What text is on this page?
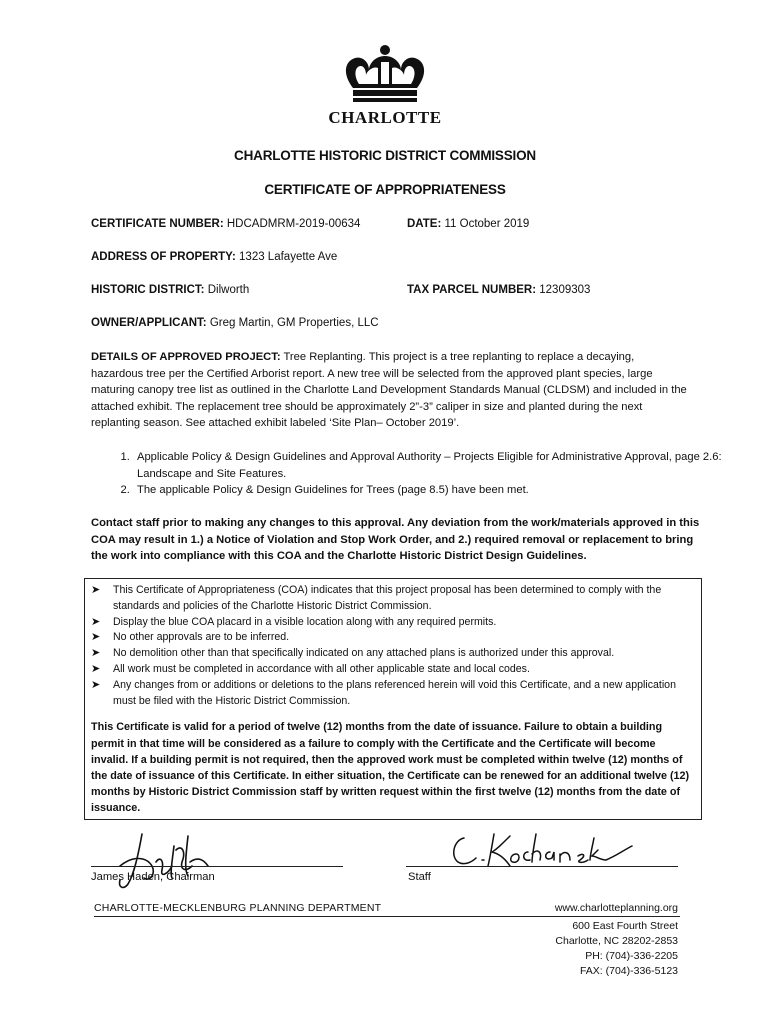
CHARLOTTE
CHARLOTTE HISTORIC DISTRICT COMMISSION
CERTIFICATE OF APPROPRIATENESS
CERTIFICATE NUMBER: HDCADMRM-2019-00634	DATE: 11 October 2019
ADDRESS OF PROPERTY: 1323 Lafayette Ave
HISTORIC DISTRICT: Dilworth	TAX PARCEL NUMBER: 12309303
OWNER/APPLICANT: Greg Martin, GM Properties, LLC
DETAILS OF APPROVED PROJECT: Tree Replanting. This project is a tree replanting to replace a decaying, hazardous tree per the Certified Arborist report. A new tree will be selected from the approved plant species, large maturing canopy tree list as outlined in the Charlotte Land Development Standards Manual (CLDSM) and included in the attached exhibit. The replacement tree should be approximately 2”-3” caliper in size and planted during the next replanting season. See attached exhibit labeled ‘Site Plan– October 2019’.
1. Applicable Policy & Design Guidelines and Approval Authority – Projects Eligible for Administrative Approval, page 2.6: Landscape and Site Features.
2. The applicable Policy & Design Guidelines for Trees (page 8.5) have been met.
Contact staff prior to making any changes to this approval. Any deviation from the work/materials approved in this COA may result in 1.) a Notice of Violation and Stop Work Order, and 2.) required removal or replacement to bring the work into compliance with this COA and the Charlotte Historic District Design Guidelines.
➤ This Certificate of Appropriateness (COA) indicates that this project proposal has been determined to comply with the standards and policies of the Charlotte Historic District Commission.
➤ Display the blue COA placard in a visible location along with any required permits.
➤ No other approvals are to be inferred.
➤ No demolition other than that specifically indicated on any attached plans is authorized under this approval.
➤ All work must be completed in accordance with all other applicable state and local codes.
➤ Any changes from or additions or deletions to the plans referenced herein will void this Certificate, and a new application must be filed with the Historic District Commission.
This Certificate is valid for a period of twelve (12) months from the date of issuance. Failure to obtain a building permit in that time will be considered as a failure to comply with the Certificate and the Certificate will become invalid. If a building permit is not required, then the approved work must be completed within twelve (12) months of the date of issuance of this Certificate. In either situation, the Certificate can be renewed for an additional twelve (12) months by Historic District Commission staff by written request within the first twelve (12) months from the date of issuance.
James Haden, Chairman	Staff
CHARLOTTE-MECKLENBURG PLANNING DEPARTMENT	www.charlotteplanning.org
600 East Fourth Street
Charlotte, NC 28202-2853
PH: (704)-336-2205
FAX: (704)-336-5123
